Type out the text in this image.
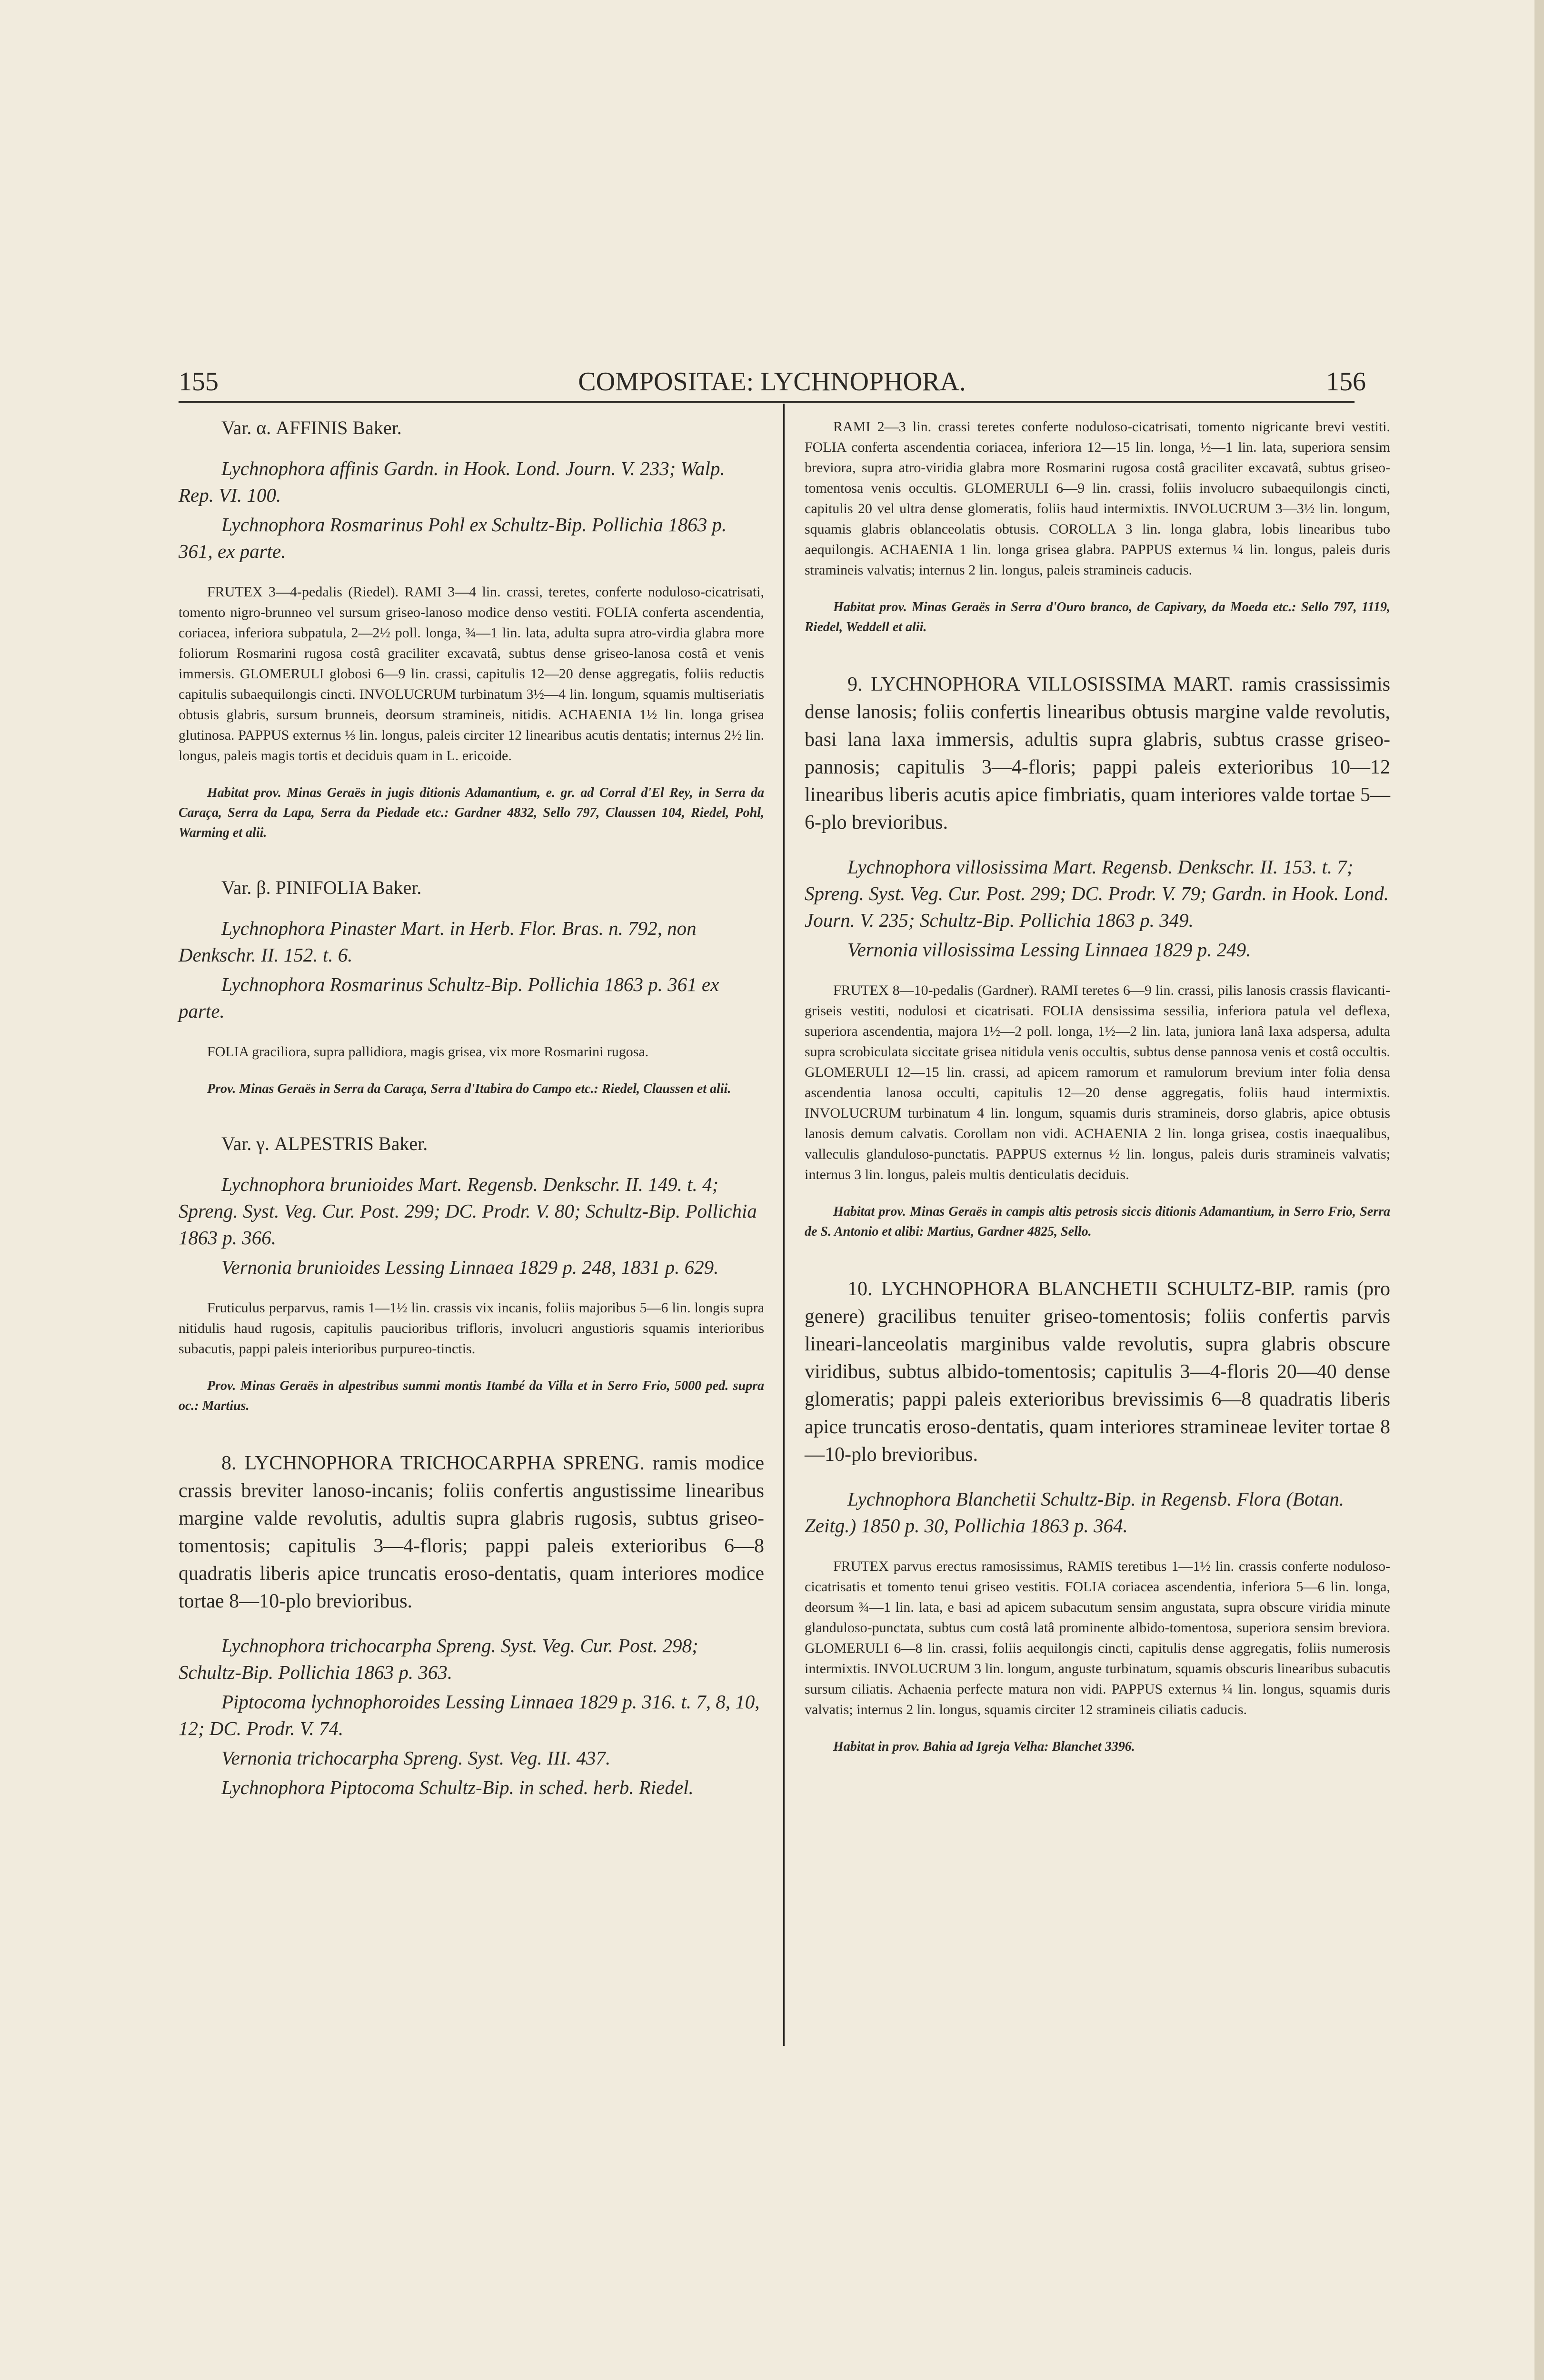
155	COMPOSITAE: LYCHNOPHORA.	156

Var. α. AFFINIS Baker.

Lychnophora affinis Gardn. in Hook. Lond. Journ. V. 233; Walp. Rep. VI. 100.

Lychnophora Rosmarinus Pohl ex Schultz-Bip. Pollichia 1863 p. 361, ex parte.

FRUTEX 3—4-pedalis (Riedel). RAMI 3—4 lin. crassi, teretes, conferte noduloso-cicatrisati, tomento nigro-brunneo vel sursum griseo-lanoso modice denso vestiti. FOLIA conferta ascendentia, coriacea, inferiora subpatula, 2—2½ poll. longa, ¾—1 lin. lata, adulta supra atro-virdia glabra more foliorum Rosmarini rugosa costâ graciliter excavatâ, subtus dense griseo-lanosa costâ et venis immersis. GLOMERULI globosi 6—9 lin. crassi, capitulis 12—20 dense aggregatis, foliis reductis capitulis subaequilongis cincti. INVOLUCRUM turbinatum 3½—4 lin. longum, squamis multiseriatis obtusis glabris, sursum brunneis, deorsum stramineis, nitidis. ACHAENIA 1½ lin. longa grisea glutinosa. PAPPUS externus ⅓ lin. longus, paleis circiter 12 linearibus acutis dentatis; internus 2½ lin. longus, paleis magis tortis et deciduis quam in L. ericoide.

Habitat prov. Minas Geraës in jugis ditionis Adamantium, e. gr. ad Corral d'El Rey, in Serra da Caraça, Serra da Lapa, Serra da Piedade etc.: Gardner 4832, Sello 797, Claussen 104, Riedel, Pohl, Warming et alii.

Var. β. PINIFOLIA Baker.

Lychnophora Pinaster Mart. in Herb. Flor. Bras. n. 792, non Denkschr. II. 152. t. 6.

Lychnophora Rosmarinus Schultz-Bip. Pollichia 1863 p. 361 ex parte.

FOLIA graciliora, supra pallidiora, magis grisea, vix more Rosmarini rugosa.

Prov. Minas Geraës in Serra da Caraça, Serra d'Itabira do Campo etc.: Riedel, Claussen et alii.

Var. γ. ALPESTRIS Baker.

Lychnophora brunioides Mart. Regensb. Denkschr. II. 149. t. 4; Spreng. Syst. Veg. Cur. Post. 299; DC. Prodr. V. 80; Schultz-Bip. Pollichia 1863 p. 366.

Vernonia brunioides Lessing Linnaea 1829 p. 248, 1831 p. 629.

Fruticulus perparvus, ramis 1—1½ lin. crassis vix incanis, foliis majoribus 5—6 lin. longis supra nitidulis haud rugosis, capitulis paucioribus trifloris, involucri angustioris squamis interioribus subacutis, pappi paleis interioribus purpureo-tinctis.

Prov. Minas Geraës in alpestribus summi montis Itambé da Villa et in Serro Frio, 5000 ped. supra oc.: Martius.

8. LYCHNOPHORA TRICHOCARPHA SPRENG. ramis modice crassis breviter lanoso-incanis; foliis confertis angustissime linearibus margine valde revolutis, adultis supra glabris rugosis, subtus griseo-tomentosis; capitulis 3—4-floris; pappi paleis exterioribus 6—8 quadratis liberis apice truncatis eroso-dentatis, quam interiores modice tortae 8—10-plo brevioribus.

Lychnophora trichocarpha Spreng. Syst. Veg. Cur. Post. 298; Schultz-Bip. Pollichia 1863 p. 363.

Piptocoma lychnophoroides Lessing Linnaea 1829 p. 316. t. 7, 8, 10, 12; DC. Prodr. V. 74.

Vernonia trichocarpha Spreng. Syst. Veg. III. 437.

Lychnophora Piptocoma Schultz-Bip. in sched. herb. Riedel.

RAMI 2—3 lin. crassi teretes conferte noduloso-cicatrisati, tomento nigricante brevi vestiti. FOLIA conferta ascendentia coriacea, inferiora 12—15 lin. longa, ½—1 lin. lata, superiora sensim breviora, supra atro-viridia glabra more Rosmarini rugosa costâ graciliter excavatâ, subtus griseo-tomentosa venis occultis. GLOMERULI 6—9 lin. crassi, foliis involucro subaequilongis cincti, capitulis 20 vel ultra dense glomeratis, foliis haud intermixtis. INVOLUCRUM 3—3½ lin. longum, squamis glabris oblanceolatis obtusis. COROLLA 3 lin. longa glabra, lobis linearibus tubo aequilongis. ACHAENIA 1 lin. longa grisea glabra. PAPPUS externus ¼ lin. longus, paleis duris stramineis valvatis; internus 2 lin. longus, paleis stramineis caducis.

Habitat prov. Minas Geraës in Serra d'Ouro branco, de Capivary, da Moeda etc.: Sello 797, 1119, Riedel, Weddell et alii.

9. LYCHNOPHORA VILLOSISSIMA MART. ramis crassissimis dense lanosis; foliis confertis linearibus obtusis margine valde revolutis, basi lana laxa immersis, adultis supra glabris, subtus crasse griseo-pannosis; capitulis 3—4-floris; pappi paleis exterioribus 10—12 linearibus liberis acutis apice fimbriatis, quam interiores valde tortae 5—6-plo brevioribus.

Lychnophora villosissima Mart. Regensb. Denkschr. II. 153. t. 7; Spreng. Syst. Veg. Cur. Post. 299; DC. Prodr. V. 79; Gardn. in Hook. Lond. Journ. V. 235; Schultz-Bip. Pollichia 1863 p. 349.

Vernonia villosissima Lessing Linnaea 1829 p. 249.

FRUTEX 8—10-pedalis (Gardner). RAMI teretes 6—9 lin. crassi, pilis lanosis crassis flavicanti-griseis vestiti, nodulosi et cicatrisati. FOLIA densissima sessilia, inferiora patula vel deflexa, superiora ascendentia, majora 1½—2 poll. longa, 1½—2 lin. lata, juniora lanâ laxa adspersa, adulta supra scrobiculata siccitate grisea nitidula venis occultis, subtus dense pannosa venis et costâ occultis. GLOMERULI 12—15 lin. crassi, ad apicem ramorum et ramulorum brevium inter folia densa ascendentia lanosa occulti, capitulis 12—20 dense aggregatis, foliis haud intermixtis. INVOLUCRUM turbinatum 4 lin. longum, squamis duris stramineis, dorso glabris, apice obtusis lanosis demum calvatis. Corollam non vidi. ACHAENIA 2 lin. longa grisea, costis inaequalibus, valleculis glanduloso-punctatis. PAPPUS externus ½ lin. longus, paleis duris stramineis valvatis; internus 3 lin. longus, paleis multis denticulatis deciduis.

Habitat prov. Minas Geraës in campis altis petrosis siccis ditionis Adamantium, in Serro Frio, Serra de S. Antonio et alibi: Martius, Gardner 4825, Sello.

10. LYCHNOPHORA BLANCHETII SCHULTZ-BIP. ramis (pro genere) gracilibus tenuiter griseo-tomentosis; foliis confertis parvis lineari-lanceolatis marginibus valde revolutis, supra glabris obscure viridibus, subtus albido-tomentosis; capitulis 3—4-floris 20—40 dense glomeratis; pappi paleis exterioribus brevissimis 6—8 quadratis liberis apice truncatis eroso-dentatis, quam interiores stramineae leviter tortae 8—10-plo brevioribus.

Lychnophora Blanchetii Schultz-Bip. in Regensb. Flora (Botan. Zeitg.) 1850 p. 30, Pollichia 1863 p. 364.

FRUTEX parvus erectus ramosissimus, RAMIS teretibus 1—1½ lin. crassis conferte noduloso-cicatrisatis et tomento tenui griseo vestitis. FOLIA coriacea ascendentia, inferiora 5—6 lin. longa, deorsum ¾—1 lin. lata, e basi ad apicem subacutum sensim angustata, supra obscure viridia minute glanduloso-punctata, subtus cum costâ latâ prominente albido-tomentosa, superiora sensim breviora. GLOMERULI 6—8 lin. crassi, foliis aequilongis cincti, capitulis dense aggregatis, foliis numerosis intermixtis. INVOLUCRUM 3 lin. longum, anguste turbinatum, squamis obscuris linearibus subacutis sursum ciliatis. Achaenia perfecte matura non vidi. PAPPUS externus ¼ lin. longus, squamis duris valvatis; internus 2 lin. longus, squamis circiter 12 stramineis ciliatis caducis.

Habitat in prov. Bahia ad Igreja Velha: Blanchet 3396.
